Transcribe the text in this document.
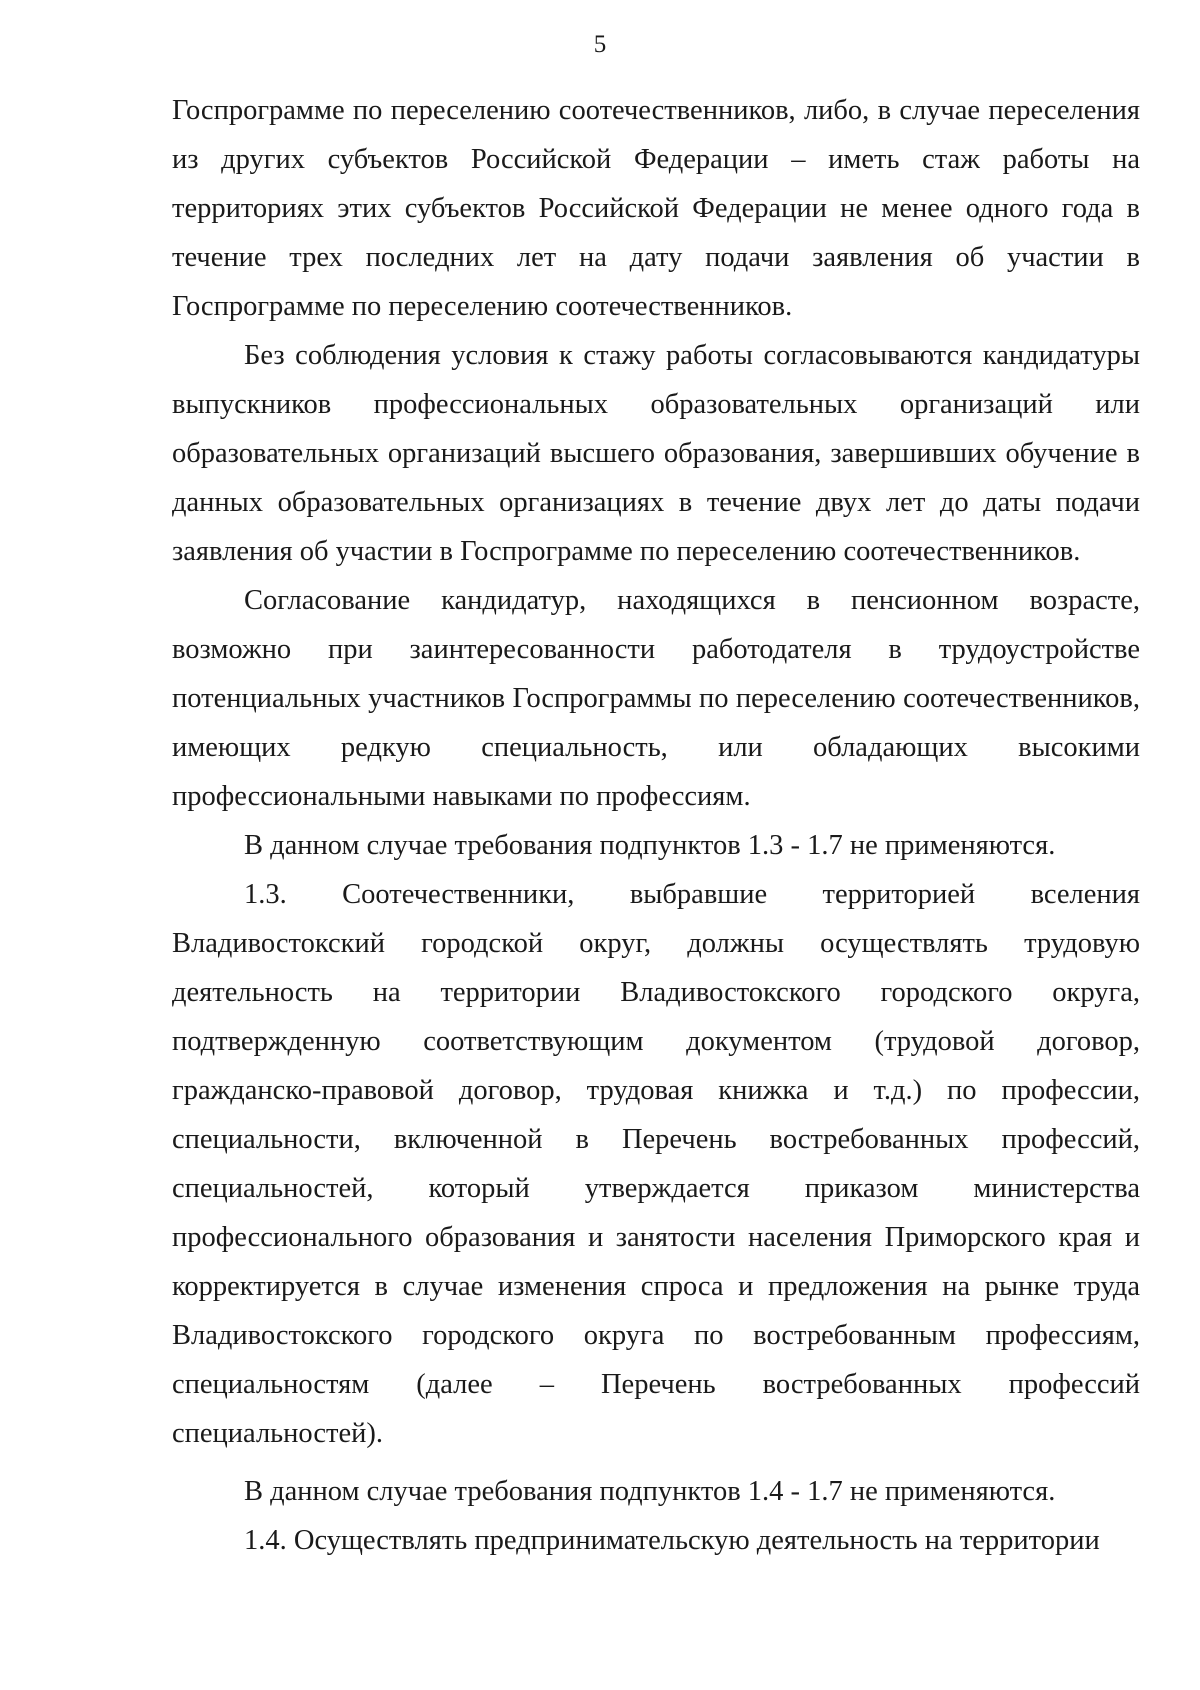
5

Госпрограмме по переселению соотечественников, либо, в случае переселения из других субъектов Российской Федерации – иметь стаж работы на территориях этих субъектов Российской Федерации не менее одного года в течение трех последних лет на дату подачи заявления об участии в Госпрограмме по переселению соотечественников.

Без соблюдения условия к стажу работы согласовываются кандидатуры выпускников профессиональных образовательных организаций или образовательных организаций высшего образования, завершивших обучение в данных образовательных организациях в течение двух лет до даты подачи заявления об участии в Госпрограмме по переселению соотечественников.

Согласование кандидатур, находящихся в пенсионном возрасте, возможно при заинтересованности работодателя в трудоустройстве потенциальных участников Госпрограммы по переселению соотечественников, имеющих редкую специальность, или обладающих высокими профессиональными навыками по профессиям.

В данном случае требования подпунктов 1.3 - 1.7 не применяются.

1.3. Соотечественники, выбравшие территорией вселения Владивостокский городской округ, должны осуществлять трудовую деятельность на территории Владивостокского городского округа, подтвержденную соответствующим документом (трудовой договор, гражданско-правовой договор, трудовая книжка и т.д.) по профессии, специальности, включенной в Перечень востребованных профессий, специальностей, который утверждается приказом министерства профессионального образования и занятости населения Приморского края и корректируется в случае изменения спроса и предложения на рынке труда Владивостокского городского округа по востребованным профессиям, специальностям (далее – Перечень востребованных профессий специальностей).

В данном случае требования подпунктов 1.4 - 1.7 не применяются.

1.4. Осуществлять предпринимательскую деятельность на территории
